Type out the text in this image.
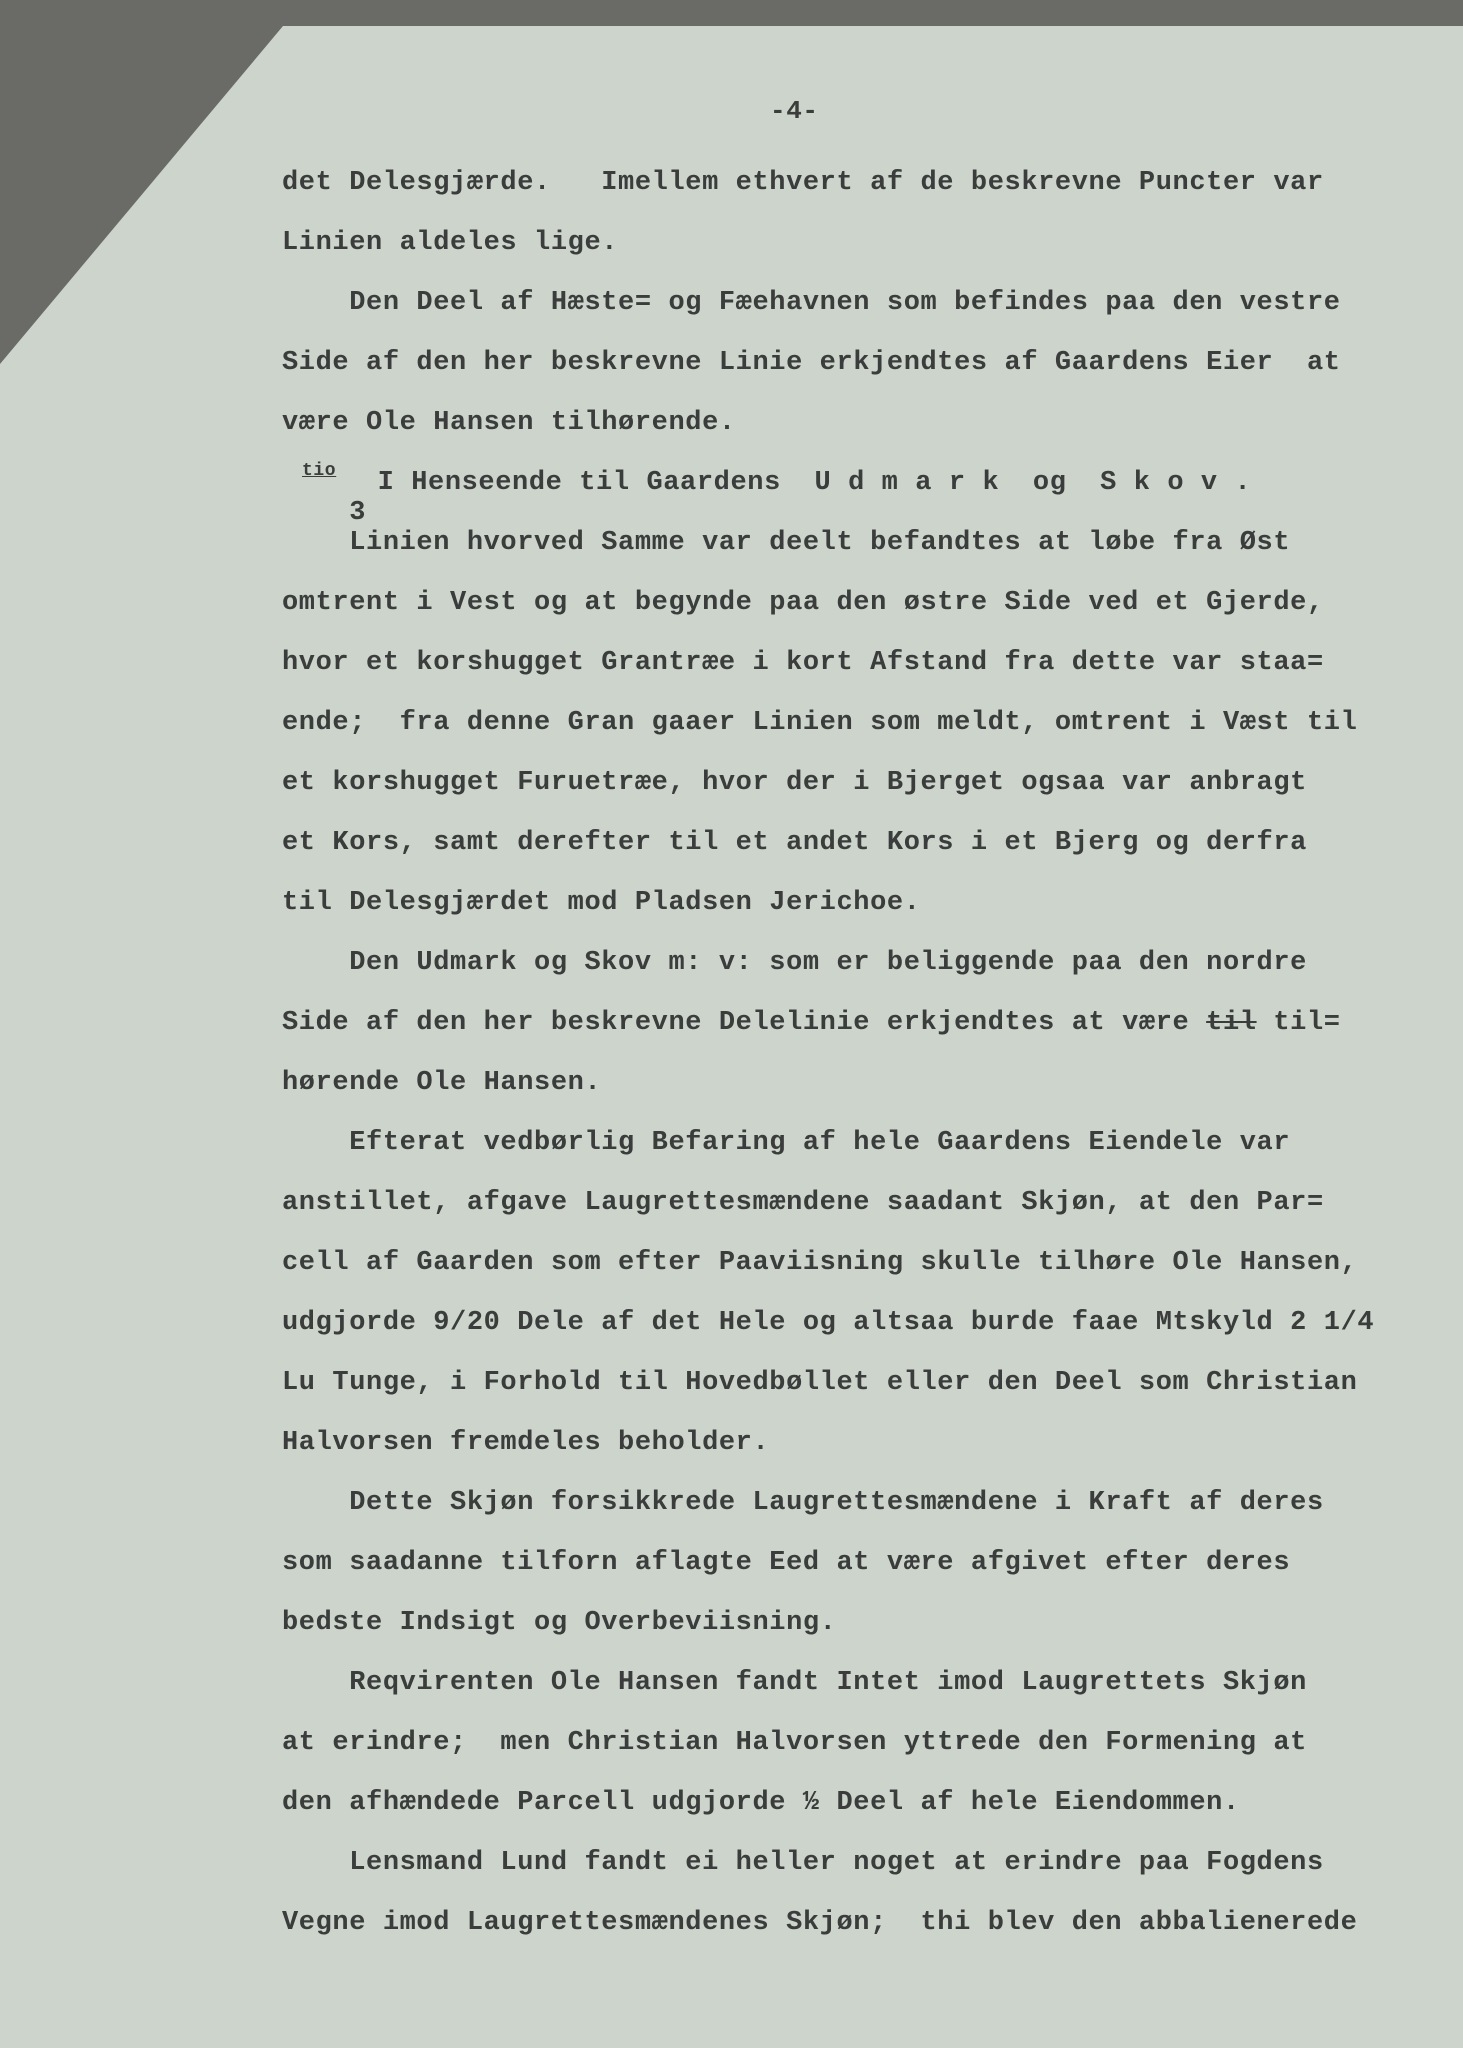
-4-
det Delesgjærde.   Imellem ethvert af de beskrevne Puncter var
Linien aldeles lige.
Den Deel af Hæste= og Fæehavnen som befindes paa den vestre
Side af den her beskrevne Linie erkjendtes af Gaardens Eier  at
være Ole Hansen tilhørende.

3
tio

I Henseende til Gaardens  U d m a r k  og  S k o v .
Linien hvorved Samme var deelt befandtes at løbe fra Øst
omtrent i Vest og at begynde paa den østre Side ved et Gjerde,
hvor et korshugget Grantræe i kort Afstand fra dette var staa=
ende;  fra denne Gran gaaer Linien som meldt, omtrent i Væst til
et korshugget Furuetræe, hvor der i Bjerget ogsaa var anbragt
et Kors, samt derefter til et andet Kors i et Bjerg og derfra
til Delesgjærdet mod Pladsen Jerichoe.
Den Udmark og Skov m: v: som er beliggende paa den nordre
Side af den her beskrevne Delelinie erkjendtes at være til til=
hørende Ole Hansen.
Efterat vedbørlig Befaring af hele Gaardens Eiendele var
anstillet, afgave Laugrettesmændene saadant Skjøn, at den Par=
cell af Gaarden som efter Paaviisning skulle tilhøre Ole Hansen,
udgjorde 9/20 Dele af det Hele og altsaa burde faae Mtskyld 2 1/4
Lu Tunge, i Forhold til Hovedbøllet eller den Deel som Christian
Halvorsen fremdeles beholder.
Dette Skjøn forsikkrede Laugrettesmændene i Kraft af deres
som saadanne tilforn aflagte Eed at være afgivet efter deres
bedste Indsigt og Overbeviisning.
Reqvirenten Ole Hansen fandt Intet imod Laugrettets Skjøn
at erindre;  men Christian Halvorsen yttrede den Formening at
den afhændede Parcell udgjorde ½ Deel af hele Eiendommen.
Lensmand Lund fandt ei heller noget at erindre paa Fogdens
Vegne imod Laugrettesmændenes Skjøn;  thi blev den abbalienerede
